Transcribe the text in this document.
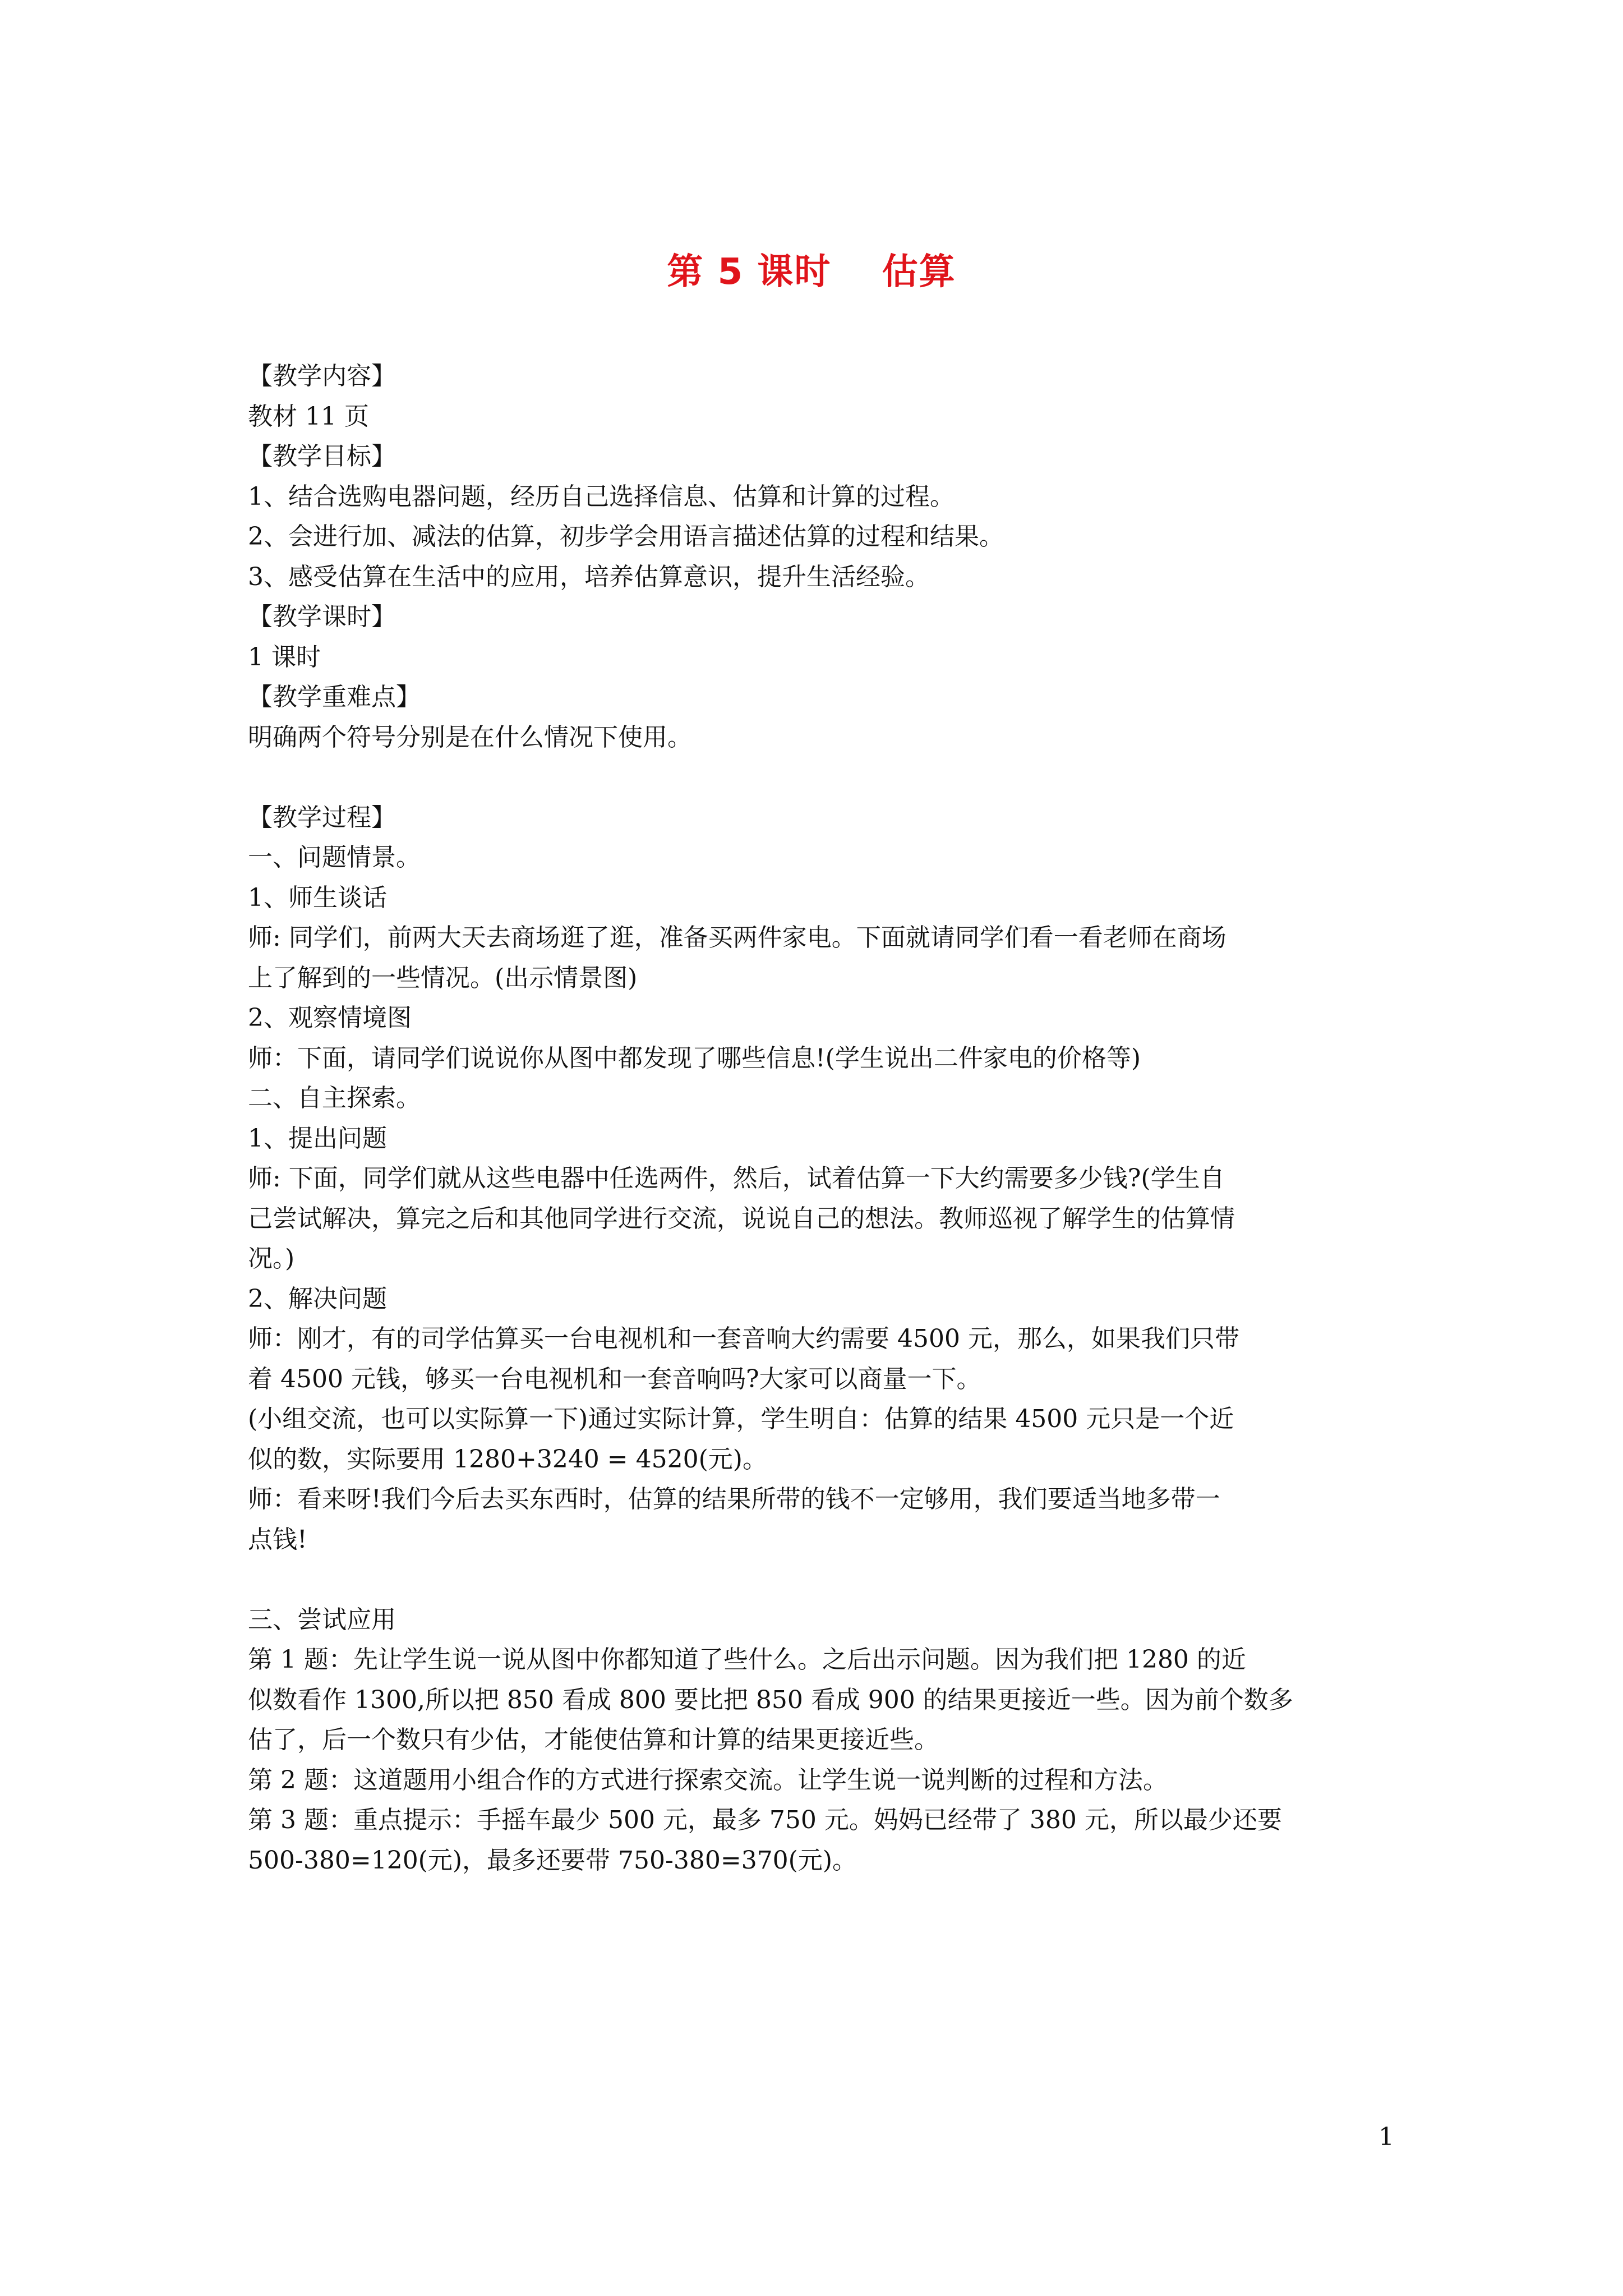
第 5 课时　 估算
【教学内容】
教材 11 页
【教学目标】
1、结合选购电器问题，经历自己选择信息、估算和计算的过程。
2、会进行加、减法的估算，初步学会用语言描述估算的过程和结果。
3、感受估算在生活中的应用，培养估算意识，提升生活经验。
【教学课时】
1 课时
【教学重难点】
明确两个符号分别是在什么情况下使用。
【教学过程】
一、问题情景。
1、师生谈话
师: 同学们，前两大天去商场逛了逛，准备买两件家电。下面就请同学们看一看老师在商场
上了解到的一些情况。(出示情景图)
2、观察情境图
师：下面，请同学们说说你从图中都发现了哪些信息!(学生说出二件家电的价格等)
二、自主探索。
1、提出问题
师: 下面，同学们就从这些电器中任选两件，然后，试着估算一下大约需要多少钱?(学生自
己尝试解决，算完之后和其他同学进行交流，说说自己的想法。教师巡视了解学生的估算情
况。)
2、解决问题
师：刚才，有的司学估算买一台电视机和一套音响大约需要 4500 元，那么，如果我们只带
着 4500 元钱，够买一台电视机和一套音响吗?大家可以商量一下。
(小组交流，也可以实际算一下)通过实际计算，学生明自：估算的结果 4500 元只是一个近
似的数，实际要用 1280+3240 = 4520(元)。
师：看来呀!我们今后去买东西时，估算的结果所带的钱不一定够用，我们要适当地多带一
点钱!
三、尝试应用
第 1 题：先让学生说一说从图中你都知道了些什么。之后出示问题。因为我们把 1280 的近
似数看作 1300,所以把 850 看成 800 要比把 850 看成 900 的结果更接近一些。因为前个数多
估了，后一个数只有少估，才能使估算和计算的结果更接近些。
第 2 题：这道题用小组合作的方式进行探索交流。让学生说一说判断的过程和方法。
第 3 题：重点提示：手摇车最少 500 元，最多 750 元。妈妈已经带了 380 元，所以最少还要
500-380=120(元)，最多还要带 750-380=370(元)。
1
